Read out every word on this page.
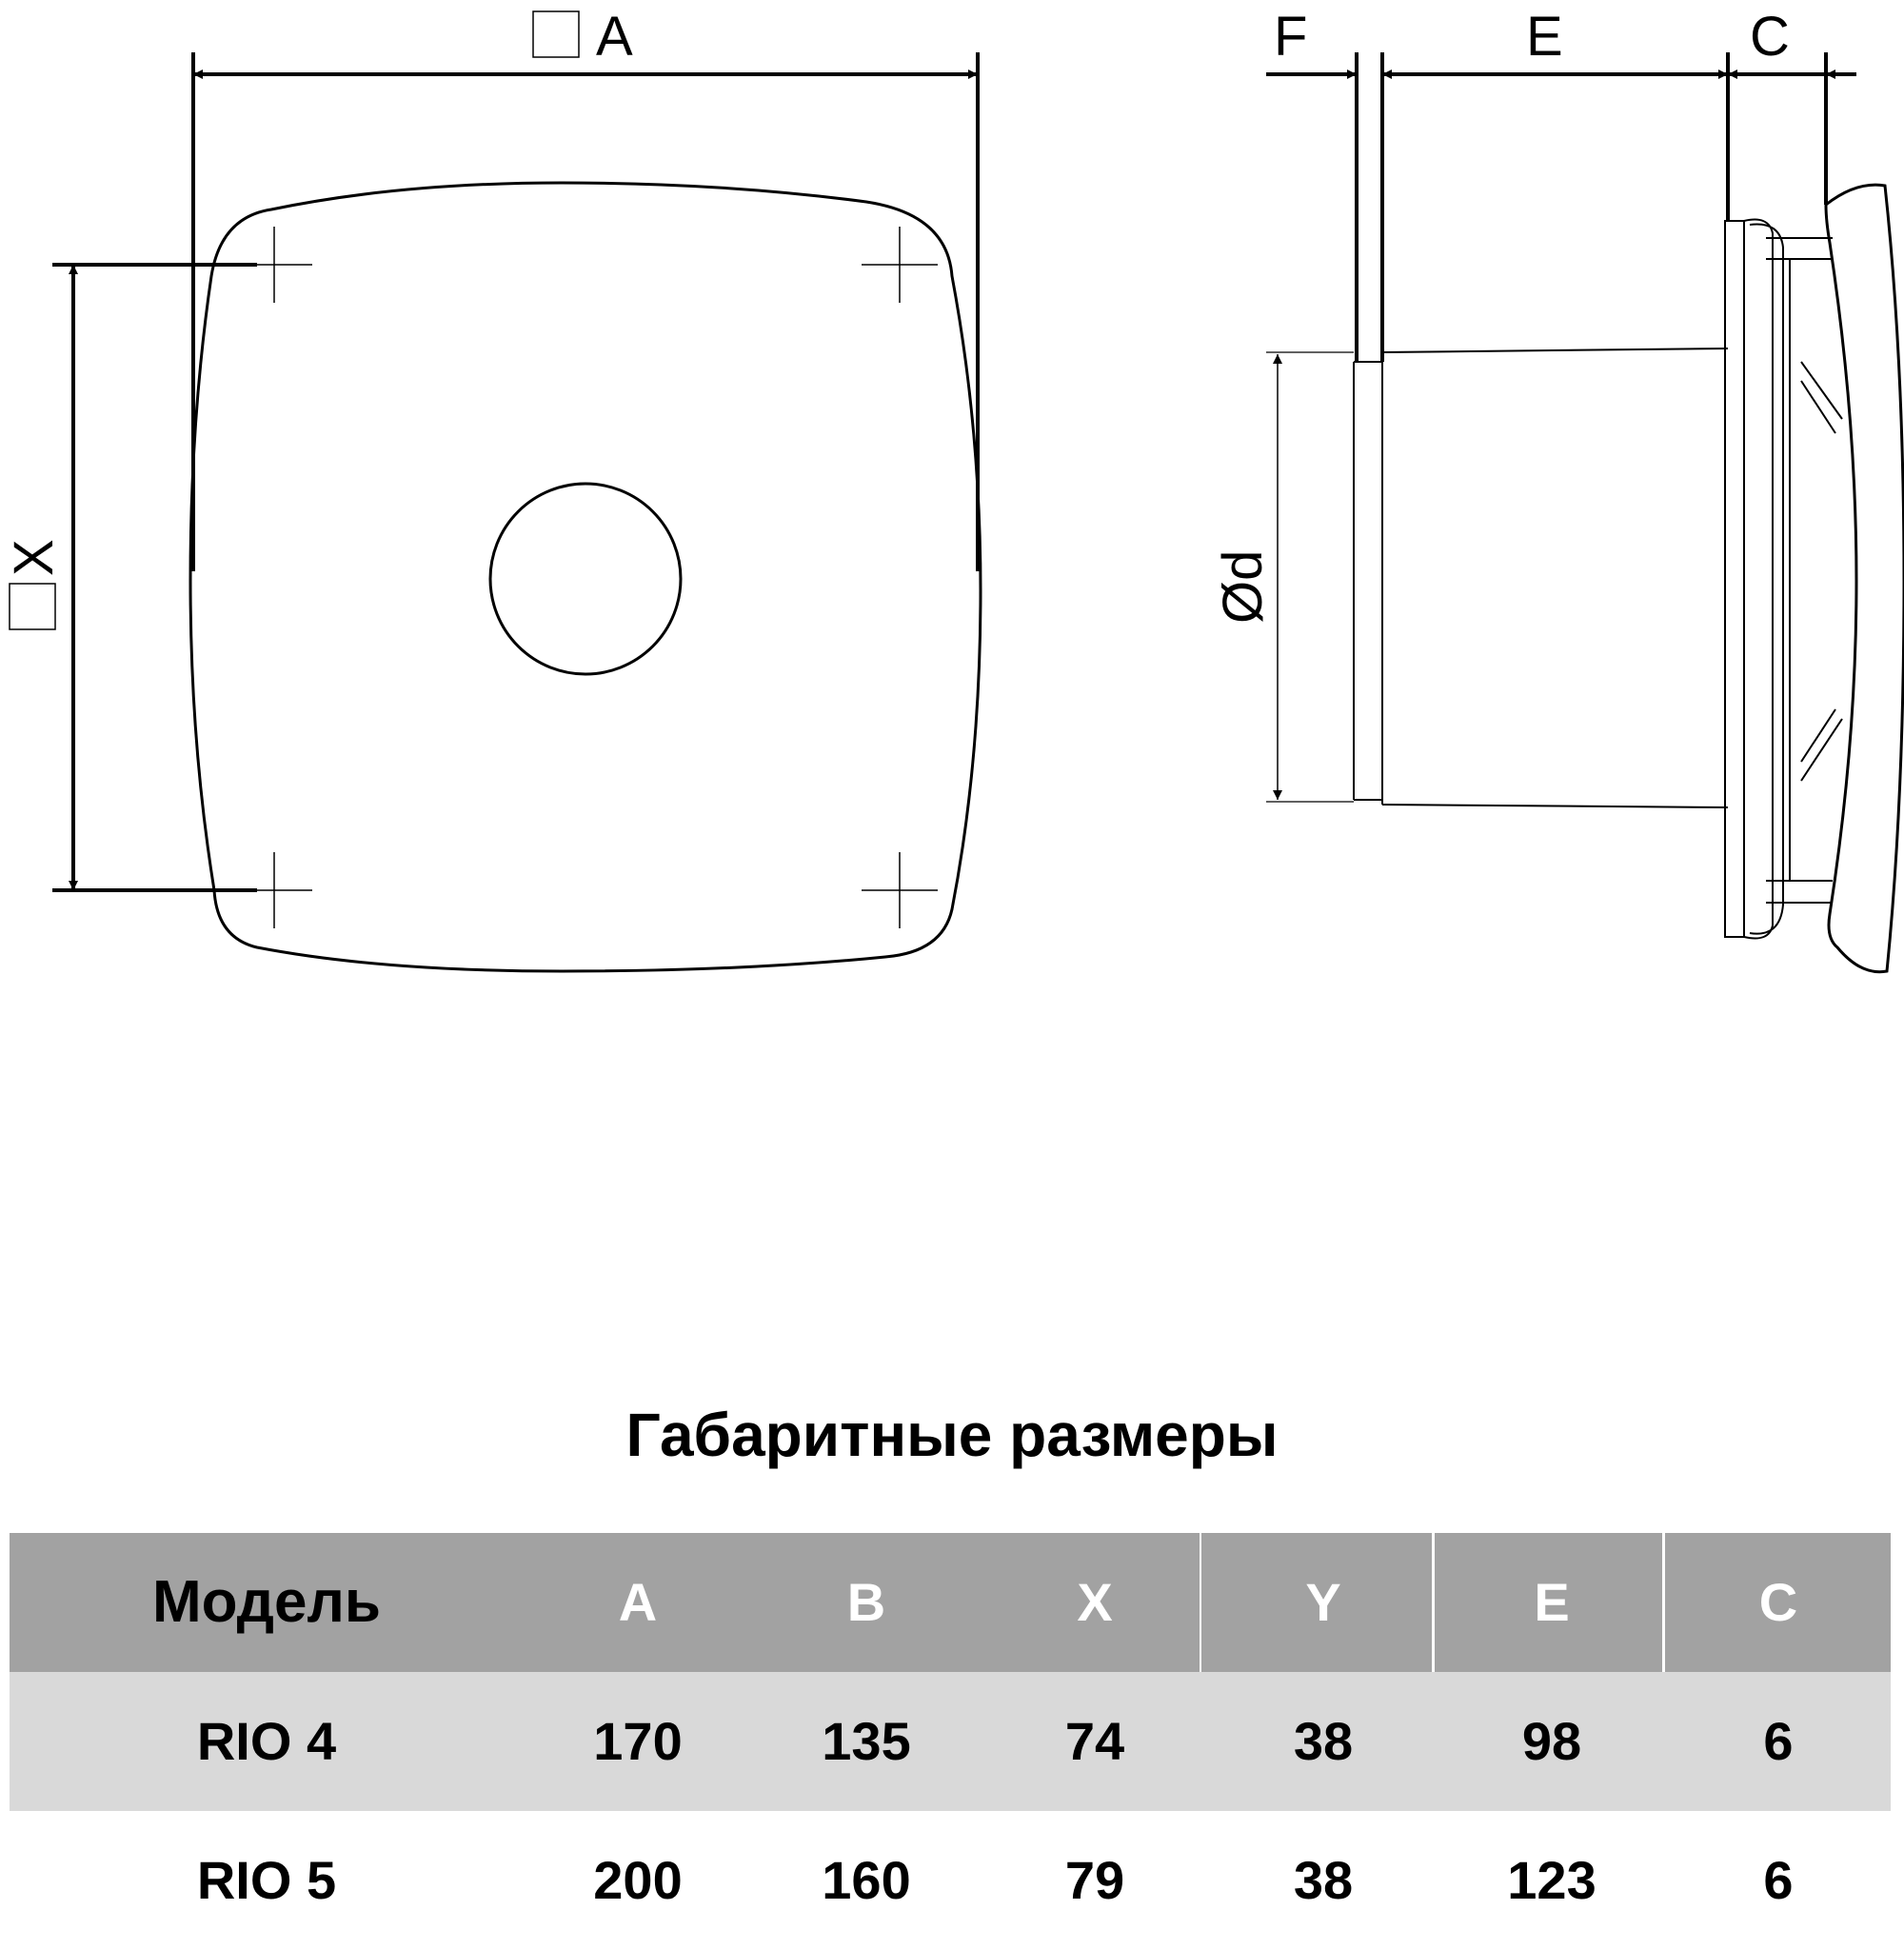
A
X
F	E	C
Ød
Габаритные размеры
Модель	A	B	X	Y	E	C
RIO 4	170	135	74	38	98	6
RIO 5	200	160	79	38	123	6
